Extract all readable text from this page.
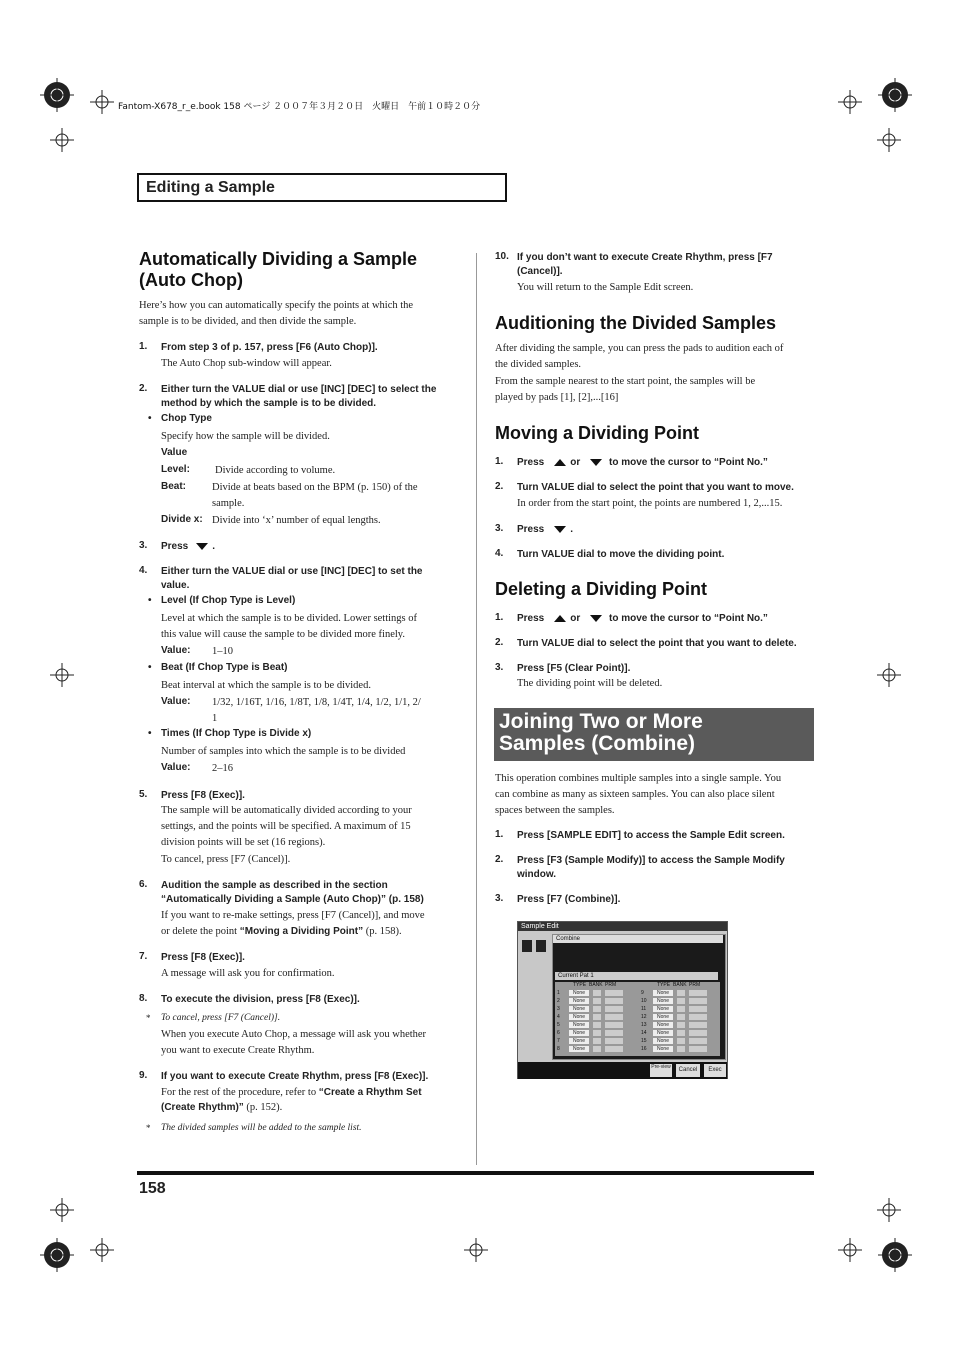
Fantom-X678_r_e.book 158 ページ ２００７年３月２０日　火曜日　午前１０時２０分
Editing a Sample
Automatically Dividing a Sample
(Auto Chop)
Here’s how you can automatically specify the points at which the
sample is to be divided, and then divide the sample.
1. From step 3 of p. 157, press [F6 (Auto Chop)].
The Auto Chop sub-window will appear.
2. Either turn the VALUE dial or use [INC] [DEC] to select the
method by which the sample is to be divided.
• Chop Type
Specify how the sample will be divided.
Value
Level: Divide according to volume.
Beat: Divide at beats based on the BPM (p. 150) of the
sample.
Divide x: Divide into ‘x’ number of equal lengths.
3. Press .
4. Either turn the VALUE dial or use [INC] [DEC] to set the
value.
• Level (If Chop Type is Level)
Level at which the sample is to be divided. Lower settings of
this value will cause the sample to be divided more finely.
Value: 1–10
• Beat (If Chop Type is Beat)
Beat interval at which the sample is to be divided.
Value: 1/32, 1/16T, 1/16, 1/8T, 1/8, 1/4T, 1/4, 1/2, 1/1, 2/
1
• Times (If Chop Type is Divide x)
Number of samples into which the sample is to be divided
Value: 2–16
5. Press [F8 (Exec)].
The sample will be automatically divided according to your
settings, and the points will be specified. A maximum of 15
division points will be set (16 regions).
To cancel, press [F7 (Cancel)].
6. Audition the sample as described in the section
“Automatically Dividing a Sample (Auto Chop)” (p. 158)
If you want to re-make settings, press [F7 (Cancel)], and move
or delete the point “Moving a Dividing Point” (p. 158).
7. Press [F8 (Exec)].
A message will ask you for confirmation.
8. To execute the division, press [F8 (Exec)].
* To cancel, press [F7 (Cancel)].
When you execute Auto Chop, a message will ask you whether
you want to execute Create Rhythm.
9. If you want to execute Create Rhythm, press [F8 (Exec)].
For the rest of the procedure, refer to “Create a Rhythm Set
(Create Rhythm)” (p. 152).
* The divided samples will be added to the sample list.
10. If you don’t want to execute Create Rhythm, press [F7
(Cancel)].
You will return to the Sample Edit screen.
Auditioning the Divided Samples
After dividing the sample, you can press the pads to audition each of
the divided samples.
From the sample nearest to the start point, the samples will be
played by pads [1], [2],...[16]
Moving a Dividing Point
1. Press	or	to move the cursor to “Point No.”
2. Turn VALUE dial to select the point that you want to move.
In order from the start point, the points are numbered 1, 2,...15.
3. Press	.
4. Turn VALUE dial to move the dividing point.
Deleting a Dividing Point
1. Press	or	to move the cursor to “Point No.”
2. Turn VALUE dial to select the point that you want to delete.
3. Press [F5 (Clear Point)].
The dividing point will be deleted.
Joining Two or More
Samples (Combine)
This operation combines multiple samples into a single sample. You
can combine as many as sixteen samples. You can also place silent
spaces between the samples.
1. Press [SAMPLE EDIT] to access the Sample Edit screen.
2. Press [F3 (Sample Modify)] to access the Sample Modify
window.
3. Press [F7 (Combine)].
Sample Edit
Combine
Current Pat 1
TYPE BANK PRM
1	None
2	None
3	None
4	None
5	None
6	None
7	None
8	None
TYPE BANK PRM
9	None
10	None
11	None
12	None
13	None
14	None
15	None
16	None
Pre-view	Cancel	Exec
158
